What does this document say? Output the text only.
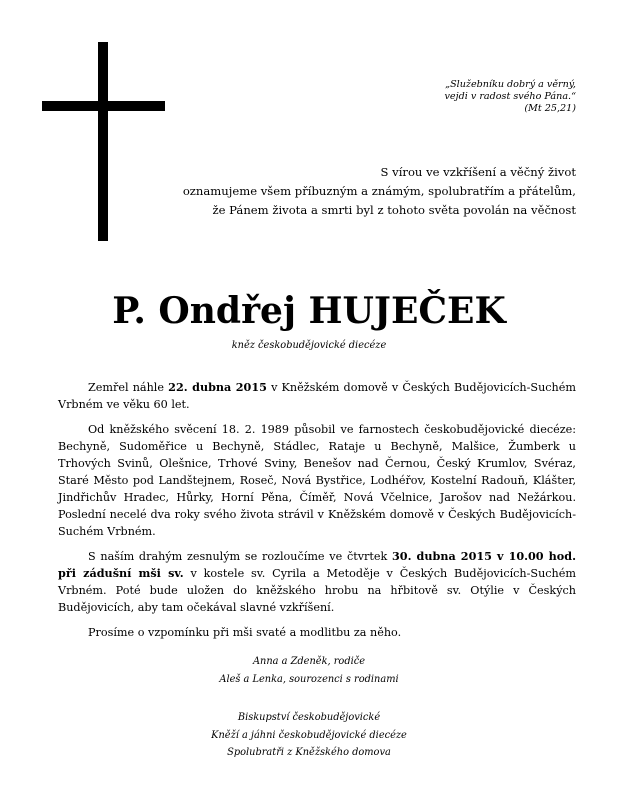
„Služebníku dobrý a věrný,
vejdi v radost svého Pána.“
(Mt 25,21)
S vírou ve vzkříšení a věčný život
oznamujeme všem příbuzným a známým, spolubratřím a přátelům,
že Pánem života a smrti byl z tohoto světa povolán na věčnost
P. Ondřej HUJEČEK
kněz českobudějovické diecéze

Zemřel náhle 22. dubna 2015 v Kněžském domově v Českých Budějovicích-Suchém Vrbném ve věku 60 let.

Od kněžského svěcení 18. 2. 1989 působil ve farnostech českobudějovické diecéze: Bechyně, Sudoměřice u Bechyně, Stádlec, Rataje u Bechyně, Malšice, Žumberk u Trhových Svinů, Olešnice, Trhové Sviny, Benešov nad Černou, Český Krumlov, Svéraz, Staré Město pod Landštejnem, Roseč, Nová Bystřice, Lodhéřov, Kostelní Radouň, Klášter, Jindřichův Hradec, Hůrky, Horní Pěna, Číměř, Nová Včelnice, Jarošov nad Nežárkou. Poslední necelé dva roky svého života strávil v Kněžském domově v Českých Budějovicích-Suchém Vrbném.

S naším drahým zesnulým se rozloučíme ve čtvrtek 30. dubna 2015 v 10.00 hod. při zádušní mši sv. v kostele sv. Cyrila a Metoděje v Českých Budějovicích-Suchém Vrbném. Poté bude uložen do kněžského hrobu na hřbitově sv. Otýlie v Českých Budějovicích, aby tam očekával slavné vzkříšení.

Prosíme o vzpomínku při mši svaté a modlitbu za něho.

Anna a Zdeněk, rodiče
Aleš a Lenka, sourozenci s rodinami
Biskupství českobudějovické
Kněží a jáhni českobudějovické diecéze
Spolubratři z Kněžského domova
